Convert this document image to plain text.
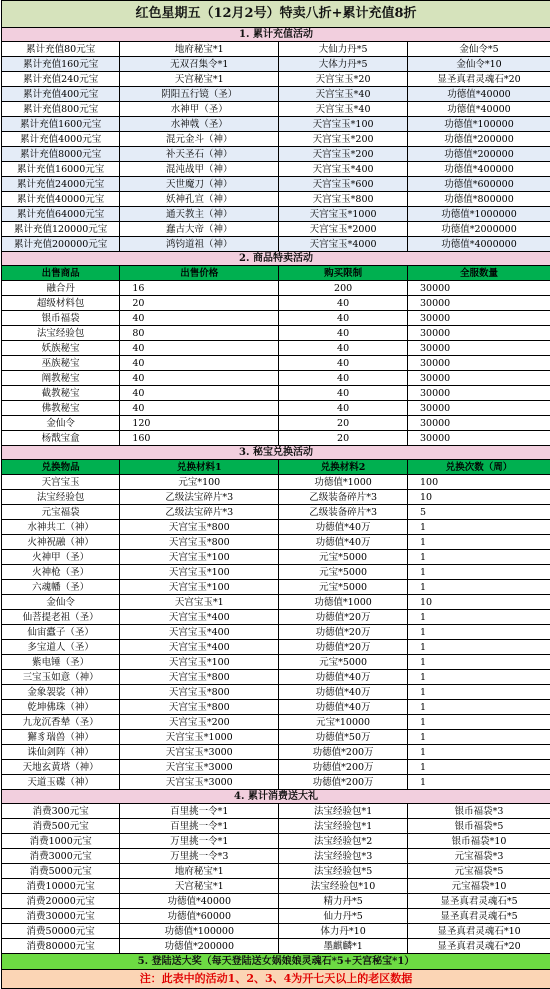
红色星期五（12月2号）特卖八折+累计充值8折
1. 累计充值活动
累计充值80元宝	地府秘宝*1	大仙力丹*5	金仙令*5
累计充值160元宝	无双召集令*1	大体力丹*5	金仙令*10
累计充值240元宝	天宫秘宝*1	天宫宝玉*20	显圣真君灵魂石*20
累计充值400元宝	阴阳五行镜（圣）	天宫宝玉*40	功德值*40000
累计充值800元宝	水神甲（圣）	天宫宝玉*40	功德值*40000
累计充值1600元宝	水神戟（圣）	天宫宝玉*100	功德值*100000
累计充值4000元宝	混元金斗（神）	天宫宝玉*200	功德值*200000
累计充值8000元宝	补天圣石（神）	天宫宝玉*200	功德值*200000
累计充值16000元宝	混沌战甲（神）	天宫宝玉*400	功德值*400000
累计充值24000元宝	天世魔刀（神）	天宫宝玉*600	功德值*600000
累计充值40000元宝	妖神孔宣（神）	天宫宝玉*800	功德值*800000
累计充值64000元宝	通天教主（神）	天宫宝玉*1000	功德值*1000000
累计充值120000元宝	蠢古大帝（神）	天宫宝玉*2000	功德值*2000000
累计充值200000元宝	鸿钧道祖（神）	天宫宝玉*4000	功德值*4000000
2. 商品特卖活动
出售商品	出售价格	购买限制	全服数量
融合丹	16	200	30000
超级材料包	20	40	30000
银币福袋	40	40	30000
法宝经验包	80	40	30000
妖族秘宝	40	40	30000
巫族秘宝	40	40	30000
阐教秘宝	40	40	30000
截教秘宝	40	40	30000
佛教秘宝	40	40	30000
金仙令	120	20	30000
杨戬宝盒	160	20	30000
3. 秘宝兑换活动
兑换物品	兑换材料1	兑换材料2	兑换次数（周）
天宫宝玉	元宝*100	功德值*1000	100
法宝经验包	乙级法宝碎片*3	乙级装备碎片*3	10
元宝福袋	乙级法宝碎片*3	乙级装备碎片*3	5
水神共工（神）	天宫宝玉*800	功德值*40万	1
火神祝融（神）	天宫宝玉*800	功德值*40万	1
火神甲（圣）	天宫宝玉*100	元宝*5000	1
火神枪（圣）	天宫宝玉*100	元宝*5000	1
六魂幡（圣）	天宫宝玉*100	元宝*5000	1
金仙令	天宫宝玉*1	功德值*1000	10
仙菩提老祖（圣）	天宫宝玉*400	功德值*20万	1
仙宙蠹子（圣）	天宫宝玉*400	功德值*20万	1
多宝道人（圣）	天宫宝玉*400	功德值*20万	1
紫电锤（圣）	天宫宝玉*100	元宝*5000	1
三宝玉如意（神）	天宫宝玉*800	功德值*40万	1
金象袈裟（神）	天宫宝玉*800	功德值*40万	1
乾坤佛珠（神）	天宫宝玉*800	功德值*40万	1
九龙沉香辇（圣）	天宫宝玉*200	元宝*10000	1
獬豸瑞兽（神）	天宫宝玉*1000	功德值*50万	1
诛仙剑阵（神）	天宫宝玉*3000	功德值*200万	1
天地玄黄塔（神）	天宫宝玉*3000	功德值*200万	1
天道玉碟（神）	天宫宝玉*3000	功德值*200万	1
4. 累计消费送大礼
消费300元宝	百里挑一令*1	法宝经验包*1	银币福袋*3
消费500元宝	百里挑一令*1	法宝经验包*1	银币福袋*5
消费1000元宝	万里挑一令*1	法宝经验包*2	银币福袋*10
消费3000元宝	万里挑一令*3	法宝经验包*3	元宝福袋*3
消费5000元宝	地府秘宝*1	法宝经验包*5	元宝福袋*5
消费10000元宝	天宫秘宝*1	法宝经验包*10	元宝福袋*10
消费20000元宝	功德值*40000	精力丹*5	显圣真君灵魂石*5
消费30000元宝	功德值*60000	仙力丹*5	显圣真君灵魂石*5
消费50000元宝	功德值*100000	体力丹*10	显圣真君灵魂石*10
消费80000元宝	功德值*200000	墨麒麟*1	显圣真君灵魂石*20
5. 登陆送大奖（每天登陆送女娲娘娘灵魂石*5+天宫秘宝*1）
注：此表中的活动1、2、3、4为开七天以上的老区数据
